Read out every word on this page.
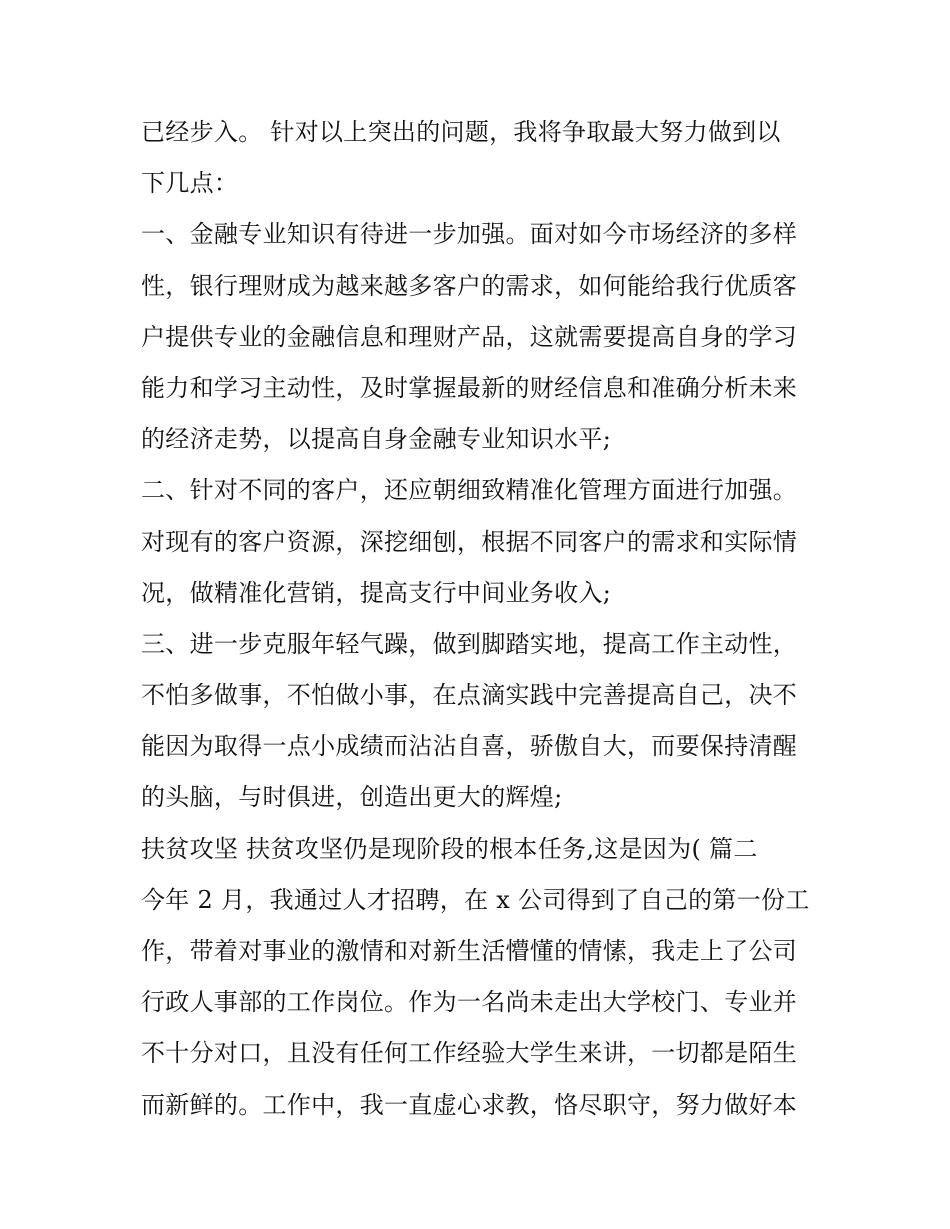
已经步入。 针对以上突出的问题，我将争取最大努力做到以
下几点：
一、金融专业知识有待进一步加强。面对如今市场经济的多样
性，银行理财成为越来越多客户的需求，如何能给我行优质客
户提供专业的金融信息和理财产品，这就需要提高自身的学习
能力和学习主动性，及时掌握最新的财经信息和准确分析未来
的经济走势，以提高自身金融专业知识水平;
二、针对不同的客户，还应朝细致精准化管理方面进行加强。
对现有的客户资源，深挖细刨，根据不同客户的需求和实际情
况，做精准化营销，提高支行中间业务收入;
三、进一步克服年轻气躁，做到脚踏实地，提高工作主动性，
不怕多做事，不怕做小事，在点滴实践中完善提高自己，决不
能因为取得一点小成绩而沾沾自喜，骄傲自大，而要保持清醒
的头脑，与时俱进，创造出更大的辉煌;
扶贫攻坚 扶贫攻坚仍是现阶段的根本任务,这是因为( 篇二
今年 2 月，我通过人才招聘，在 x 公司得到了自己的第一份工
作，带着对事业的激情和对新生活懵懂的情愫，我走上了公司
行政人事部的工作岗位。作为一名尚未走出大学校门、专业并
不十分对口，且没有任何工作经验大学生来讲，一切都是陌生
而新鲜的。工作中，我一直虚心求教，恪尽职守，努力做好本
